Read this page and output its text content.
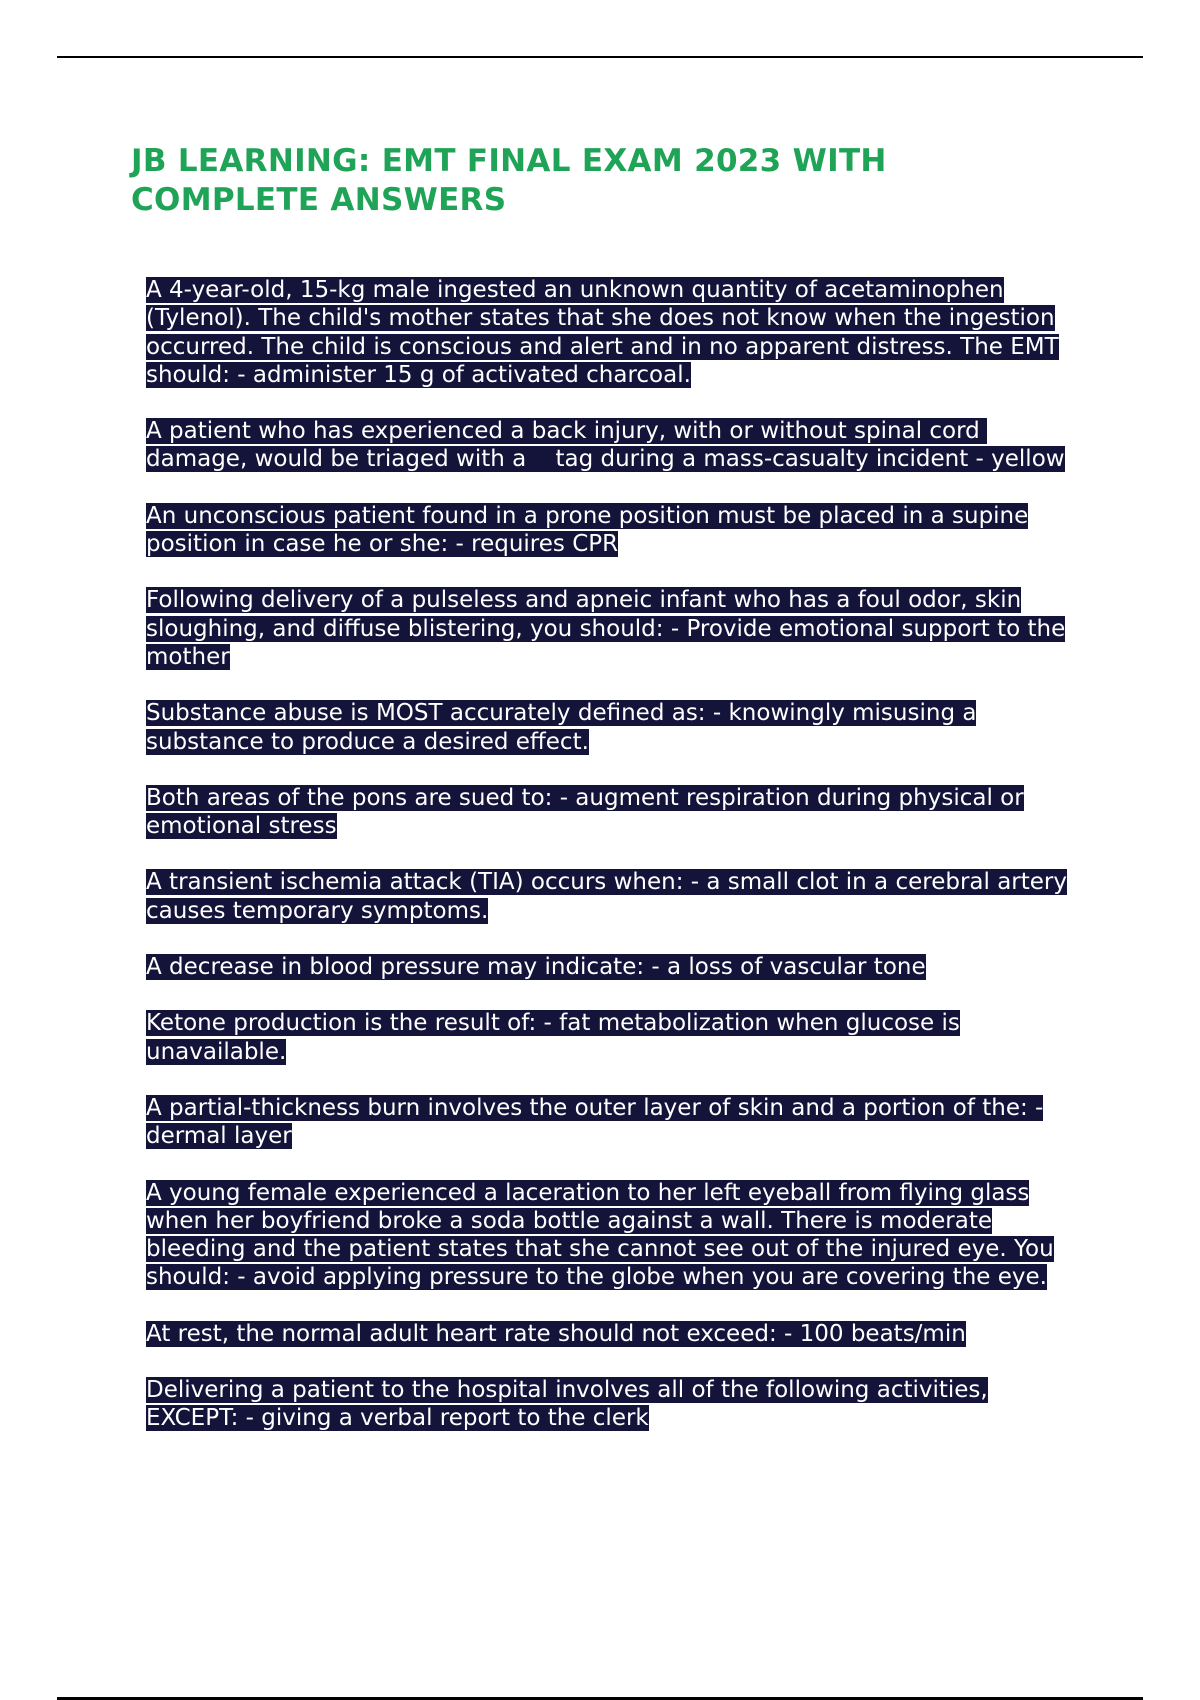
JB LEARNING: EMT FINAL EXAM 2023 WITH COMPLETE ANSWERS

A 4-year-old, 15-kg male ingested an unknown quantity of acetaminophen (Tylenol). The child's mother states that she does not know when the ingestion occurred. The child is conscious and alert and in no apparent distress. The EMT should: - administer 15 g of activated charcoal.

A patient who has experienced a back injury, with or without spinal cord damage, would be triaged with a    tag during a mass-casualty incident - yellow

An unconscious patient found in a prone position must be placed in a supine position in case he or she: - requires CPR

Following delivery of a pulseless and apneic infant who has a foul odor, skin sloughing, and diffuse blistering, you should: - Provide emotional support to the mother

Substance abuse is MOST accurately defined as: - knowingly misusing a substance to produce a desired effect.

Both areas of the pons are sued to: - augment respiration during physical or emotional stress

A transient ischemia attack (TIA) occurs when: - a small clot in a cerebral artery causes temporary symptoms.

A decrease in blood pressure may indicate: - a loss of vascular tone

Ketone production is the result of: - fat metabolization when glucose is unavailable.

A partial-thickness burn involves the outer layer of skin and a portion of the: - dermal layer

A young female experienced a laceration to her left eyeball from flying glass when her boyfriend broke a soda bottle against a wall. There is moderate bleeding and the patient states that she cannot see out of the injured eye. You should: - avoid applying pressure to the globe when you are covering the eye.

At rest, the normal adult heart rate should not exceed: - 100 beats/min

Delivering a patient to the hospital involves all of the following activities, EXCEPT: - giving a verbal report to the clerk
